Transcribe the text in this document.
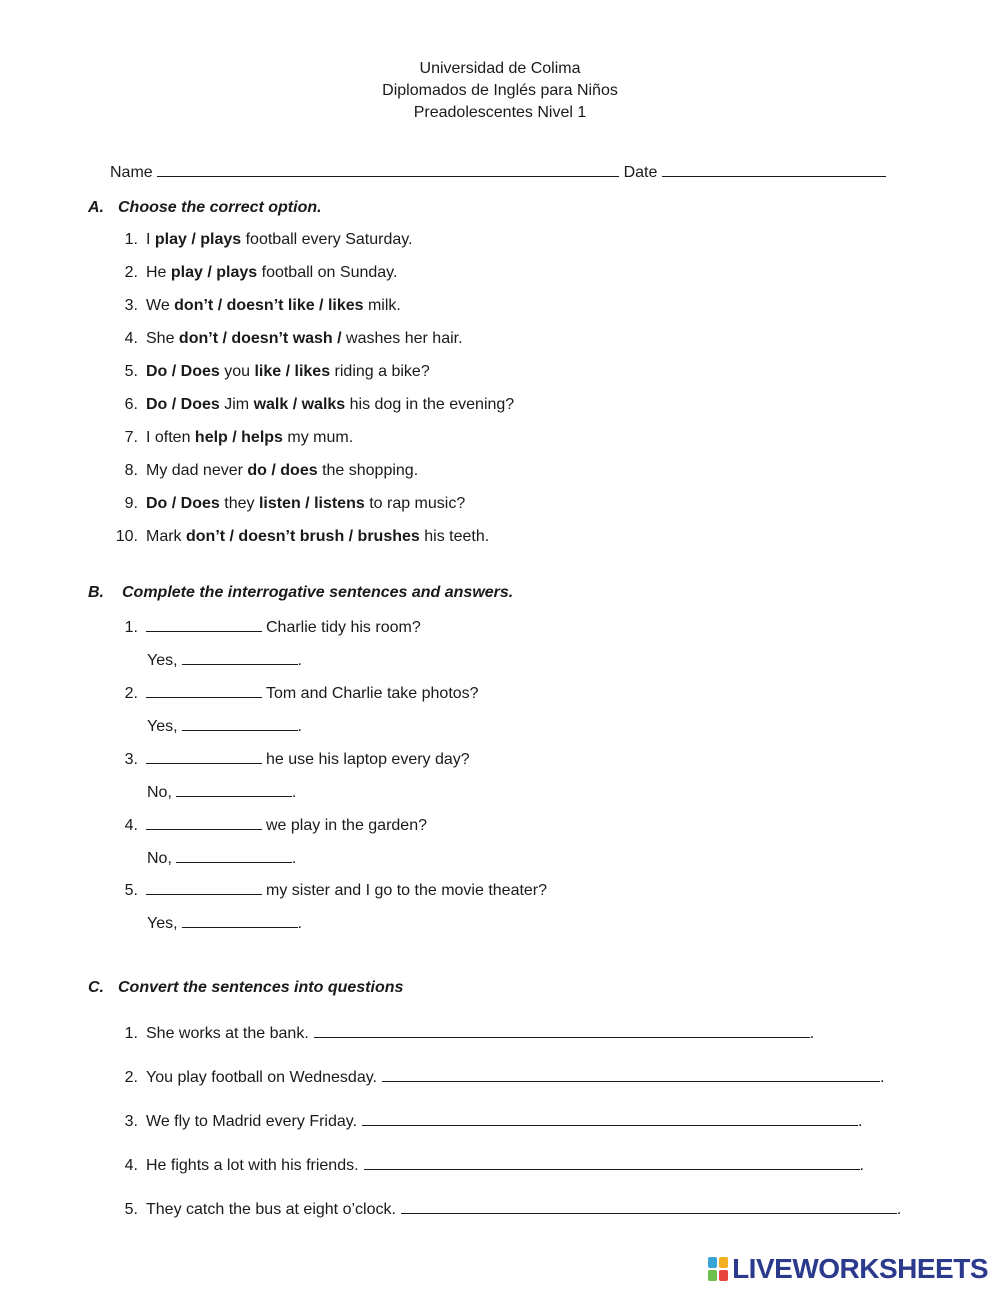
Universidad de Colima
Diplomados de Inglés para Niños
Preadolescentes Nivel 1
Name	Date
A. Choose the correct option.
1. I play / plays football every Saturday.
2. He play / plays football on Sunday.
3. We don’t / doesn’t like / likes milk.
4. She don’t / doesn’t wash / washes her hair.
5. Do / Does you like / likes riding a bike?
6. Do / Does Jim walk / walks his dog in the evening?
7. I often help / helps my mum.
8. My dad never do / does the shopping.
9. Do / Does they listen / listens to rap music?
10. Mark don’t / doesn’t brush / brushes his teeth.
B. Complete the interrogative sentences and answers.
1.	Charlie tidy his room?
Yes,	.
2.	Tom and Charlie take photos?
Yes,	.
3.	he use his laptop every day?
No,	.
4.	we play in the garden?
No,	.
5.	my sister and I go to the movie theater?
Yes,	.
C. Convert the sentences into questions
1. She works at the bank.	.
2. You play football on Wednesday.	.
3. We fly to Madrid every Friday.	.
4. He fights a lot with his friends.	.
5. They catch the bus at eight o’clock.	.
LIVEWORKSHEETS
